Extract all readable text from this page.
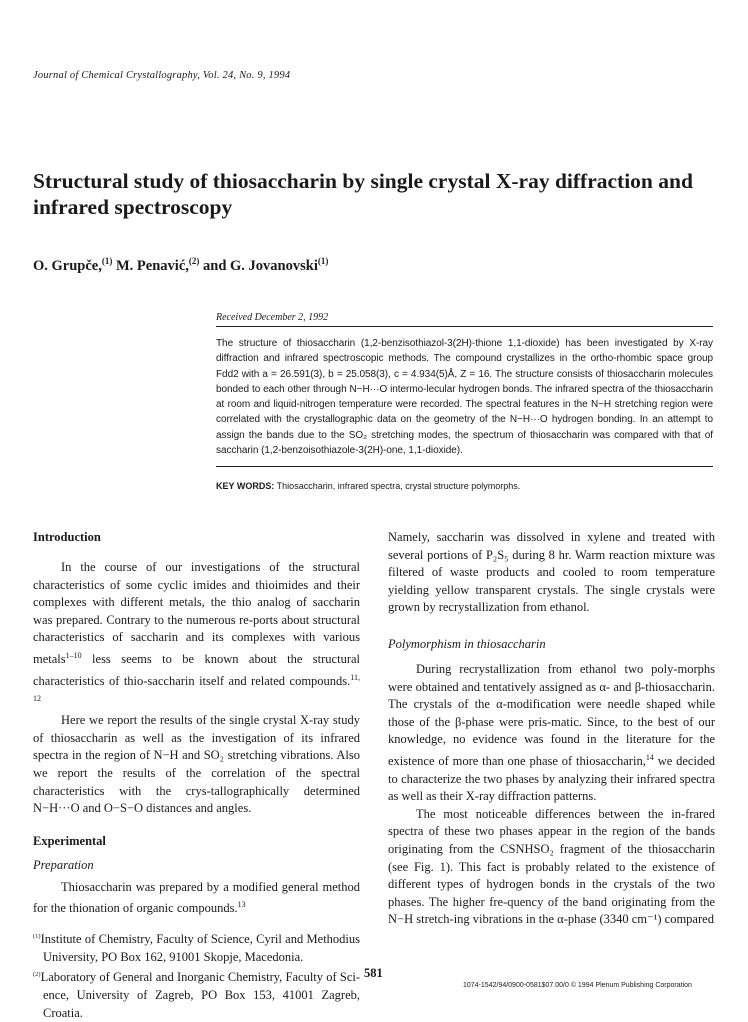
Journal of Chemical Crystallography, Vol. 24, No. 9, 1994
Structural study of thiosaccharin by single crystal X-ray diffraction and infrared spectroscopy
O. Grupče,$^{(1)}$ M. Penavić,$^{(2)}$ and G. Jovanovski$^{(1)}$
Received December 2, 1992

The structure of thiosaccharin (1,2-benzisothiazol-3(2H)-thione 1,1-dioxide) has been investigated by X-ray diffraction and infrared spectroscopic methods. The compound crystallizes in the ortho-rhombic space group Fdd2 with a = 26.591(3), b = 25.058(3), c = 4.934(5)Å, Z = 16. The structure consists of thiosaccharin molecules bonded to each other through N−H···O intermo-lecular hydrogen bonds. The infrared spectra of the thiosaccharin at room and liquid-nitrogen temperature were recorded. The spectral features in the N−H stretching region were correlated with the crystallographic data on the geometry of the N−H···O hydrogen bonding. In an attempt to assign the bands due to the SO₂ stretching modes, the spectrum of thiosaccharin was compared with that of saccharin (1,2-benzoisothiazole-3(2H)-one, 1,1-dioxide).

KEY WORDS: Thiosaccharin, infrared spectra, crystal structure polymorphs.
Introduction

In the course of our investigations of the structural characteristics of some cyclic imides and thioimides and their complexes with different metals, the thio analog of saccharin was prepared. Contrary to the numerous re-ports about structural characteristics of saccharin and its complexes with various metals$^{1-10}$ less seems to be known about the structural characteristics of thio-saccharin itself and related compounds.$^{11, 12}$

Here we report the results of the single crystal X-ray study of thiosaccharin as well as the investigation of its infrared spectra in the region of N−H and SO₂ stretching vibrations. Also we report the results of the correlation of the spectral characteristics with the crys-tallographically determined N−H···O and O−S−O distances and angles.

Experimental
Preparation

Thiosaccharin was prepared by a modified general method for the thionation of organic compounds.$^{13}$

$^{(1)}$Institute of Chemistry, Faculty of Science, Cyril and Methodius University, PO Box 162, 91001 Skopje, Macedonia.

$^{(2)}$Laboratory of General and Inorganic Chemistry, Faculty of Sci-ence, University of Zagreb, PO Box 153, 41001 Zagreb, Croatia.

Namely, saccharin was dissolved in xylene and treated with several portions of P₂S₅ during 8 hr. Warm reaction mixture was filtered of waste products and cooled to room temperature yielding yellow transparent crystals. The single crystals were grown by recrystallization from ethanol.

Polymorphism in thiosaccharin

During recrystallization from ethanol two poly-morphs were obtained and tentatively assigned as α- and β-thiosaccharin. The crystals of the α-modification were needle shaped while those of the β-phase were pris-matic. Since, to the best of our knowledge, no evidence was found in the literature for the existence of more than one phase of thiosaccharin,$^{14}$ we decided to characterize the two phases by analyzing their infrared spectra as well as their X-ray diffraction patterns.

The most noticeable differences between the in-frared spectra of these two phases appear in the region of the bands originating from the CSNHSO₂ fragment of the thiosaccharin (see Fig. 1). This fact is probably related to the existence of different types of hydrogen bonds in the crystals of the two phases. The higher fre-quency of the band originating from the N−H stretch-ing vibrations in the α-phase (3340 cm⁻¹) compared

581
1074-1542/94/0900-0581$07.00/0 © 1994 Plenum Publishing Corporation
